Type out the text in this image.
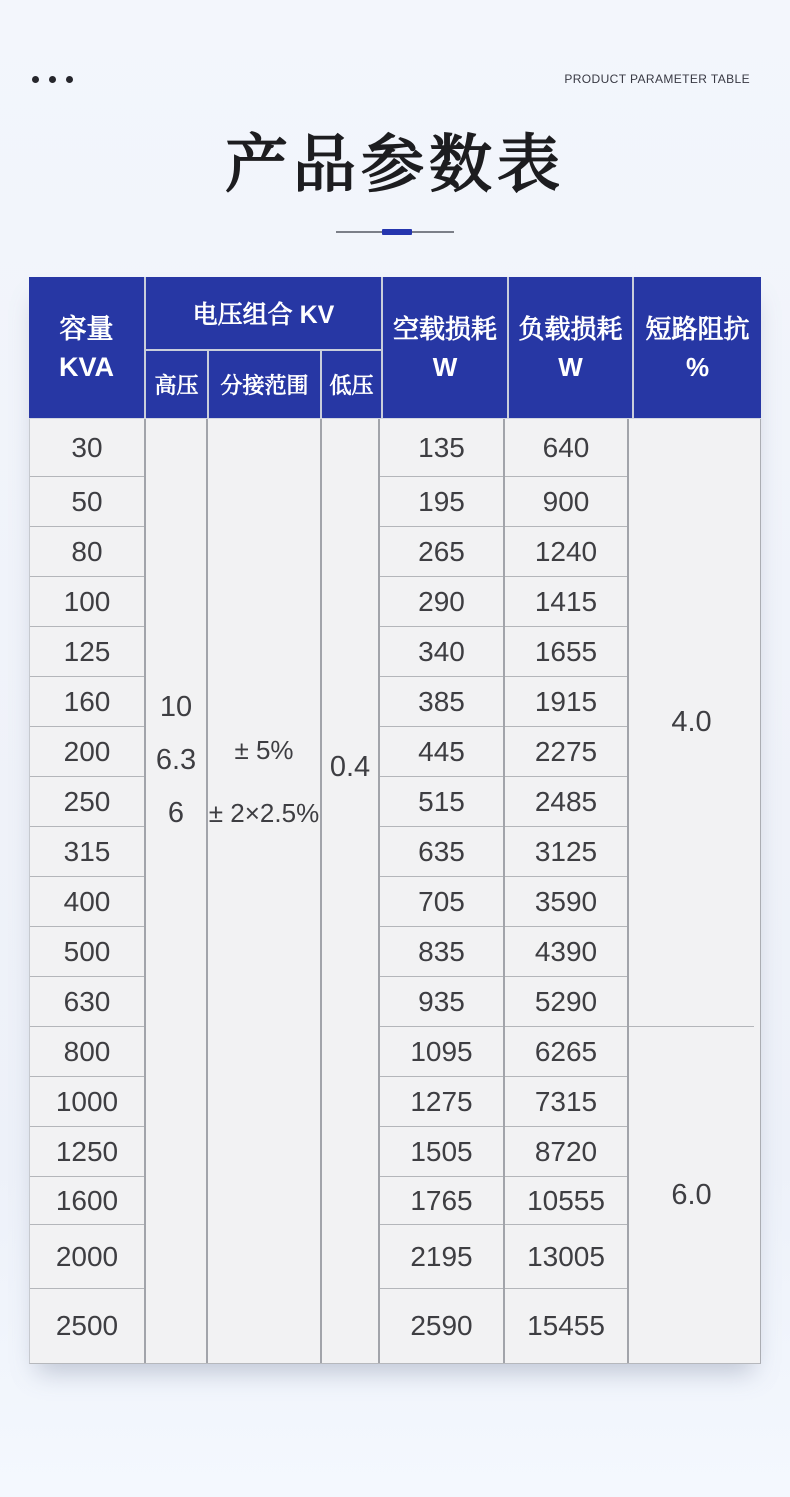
PRODUCT PARAMETER TABLE
产品参数表
容量
KVA
电压组合 KV
高压 分接范围 低压
空载损耗
W
负载损耗
W
短路阻抗
%
30
50
80
100
125
160
200
250
315
400
500
630
800
1000
1250
1600
2000
2500
10
6.3
6
± 5%
± 2×2.5%
0.4
135
195
265
290
340
385
445
515
635
705
835
935
1095
1275
1505
1765
2195
2590
640
900
1240
1415
1655
1915
2275
2485
3125
3590
4390
5290
6265
7315
8720
10555
13005
15455
4.0
6.0
